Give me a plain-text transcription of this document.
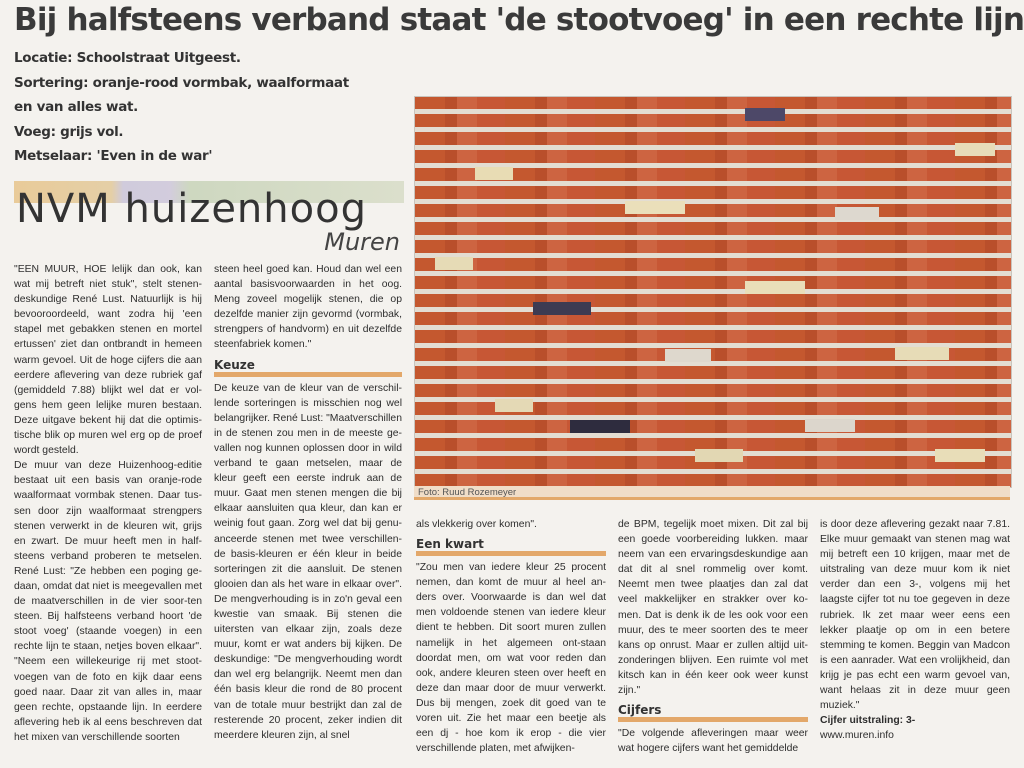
Bij halfsteens verband staat 'de stootvoeg' in een rechte lijn
Locatie: Schoolstraat Uitgeest.
Sortering: oranje-rood vormbak, waalformaat
en van alles wat.
Voeg: grijs vol.
Metselaar: 'Even in de war'
NVM huizenhoog
Muren

"EEN MUUR, HOE lelijk dan ook, kan wat mij betreft niet stuk", stelt stenen-deskundige René Lust. Natuurlijk is hij bevooroordeeld, want zodra hij 'een stapel met gebakken stenen en mortel ertussen' ziet dan ontbrandt in hemeen warm gevoel. Uit de hoge cijfers die aan eerdere aflevering van deze rubriek gaf (gemiddeld 7.88) blijkt wel dat er vol-gens hem geen lelijke muren bestaan. Deze uitgave bekent hij dat die optimis-tische blik op muren wel erg op de proef wordt gesteld.

De muur van deze Huizenhoog-editie bestaat uit een basis van oranje-rode waalformaat vormbak stenen. Daar tus-sen door zijn waalformaat strengpers stenen verwerkt in de kleuren wit, grijs en zwart. De muur heeft men in half-steens verband proberen te metselen. René Lust: "Ze hebben een poging ge-daan, omdat dat niet is meegevallen met de maatverschillen in de vier soor-ten steen. Bij halfsteens verband hoort 'de stoot voeg' (staande voegen) in een rechte lijn te staan, netjes boven elkaar". "Neem een willekeurige rij met stoot-voegen van de foto en kijk daar eens goed naar. Daar zit van alles in, maar geen rechte, opstaande lijn. In eerdere aflevering heb ik al eens beschreven dat het mixen van verschillende soorten

steen heel goed kan. Houd dan wel een aantal basisvoorwaarden in het oog. Meng zoveel mogelijk stenen, die op dezelfde manier zijn gevormd (vormbak, strengpers of handvorm) en uit dezelfde steenfabriek komen."

Keuze

De keuze van de kleur van de verschil-lende sorteringen is misschien nog wel belangrijker. René Lust: "Maatverschillen in de stenen zou men in de meeste ge-vallen nog kunnen oplossen door in wild verband te gaan metselen, maar de kleur geeft een eerste indruk aan de muur. Gaat men stenen mengen die bij elkaar aansluiten qua kleur, dan kan er weinig fout gaan. Zorg wel dat bij genu-anceerde stenen met twee verschillen-de basis-kleuren er één kleur in beide sorteringen zit die aansluit. De stenen glooien dan als het ware in elkaar over". De mengverhouding is in zo'n geval een kwestie van smaak. Bij stenen die uitersten van elkaar zijn, zoals deze muur, komt er wat anders bij kijken. De deskundige: "De mengverhouding wordt dan wel erg belangrijk. Neemt men dan één basis kleur die rond de 80 procent van de totale muur bestrijkt dan zal de resterende 20 procent, zeker indien dit meerdere kleuren zijn, al snel

Foto: Ruud Rozemeyer

als vlekkerig over komen".

Een kwart

"Zou men van iedere kleur 25 procent nemen, dan komt de muur al heel an-ders over. Voorwaarde is dan wel dat men voldoende stenen van iedere kleur dient te hebben. Dit soort muren zullen namelijk in het algemeen ont-staan doordat men, om wat voor reden dan ook, andere kleuren steen over heeft en deze dan maar door de muur verwerkt. Dus bij mengen, zoek dit goed van te voren uit. Zie het maar een beetje als een dj - hoe kom ik erop - die vier verschillende platen, met afwijken-

de BPM, tegelijk moet mixen. Dit zal bij een goede voorbereiding lukken. maar neem van een ervaringsdeskundige aan dat dit al snel rommelig over komt. Neemt men twee plaatjes dan zal dat veel makkelijker en strakker over ko-men. Dat is denk ik de les ook voor een muur, des te meer soorten des te meer kans op onrust. Maar er zullen altijd uit-zonderingen blijven. Een ruimte vol met kitsch kan in één keer ook weer kunst zijn."

Cijfers

"De volgende afleveringen maar weer wat hogere cijfers want het gemiddelde

is door deze aflevering gezakt naar 7.81. Elke muur gemaakt van stenen mag wat mij betreft een 10 krijgen, maar met de uitstraling van deze muur kom ik niet verder dan een 3-, volgens mij het laagste cijfer tot nu toe gegeven in deze rubriek. Ik zet maar weer eens een lekker plaatje op om in een betere stemming te komen. Beggin van Madcon is een aanrader. Wat een vrolijkheid, dan krijg je pas echt een warm gevoel van, want helaas zit in deze muur geen muziek."

Cijfer uitstraling: 3-

www.muren.info
